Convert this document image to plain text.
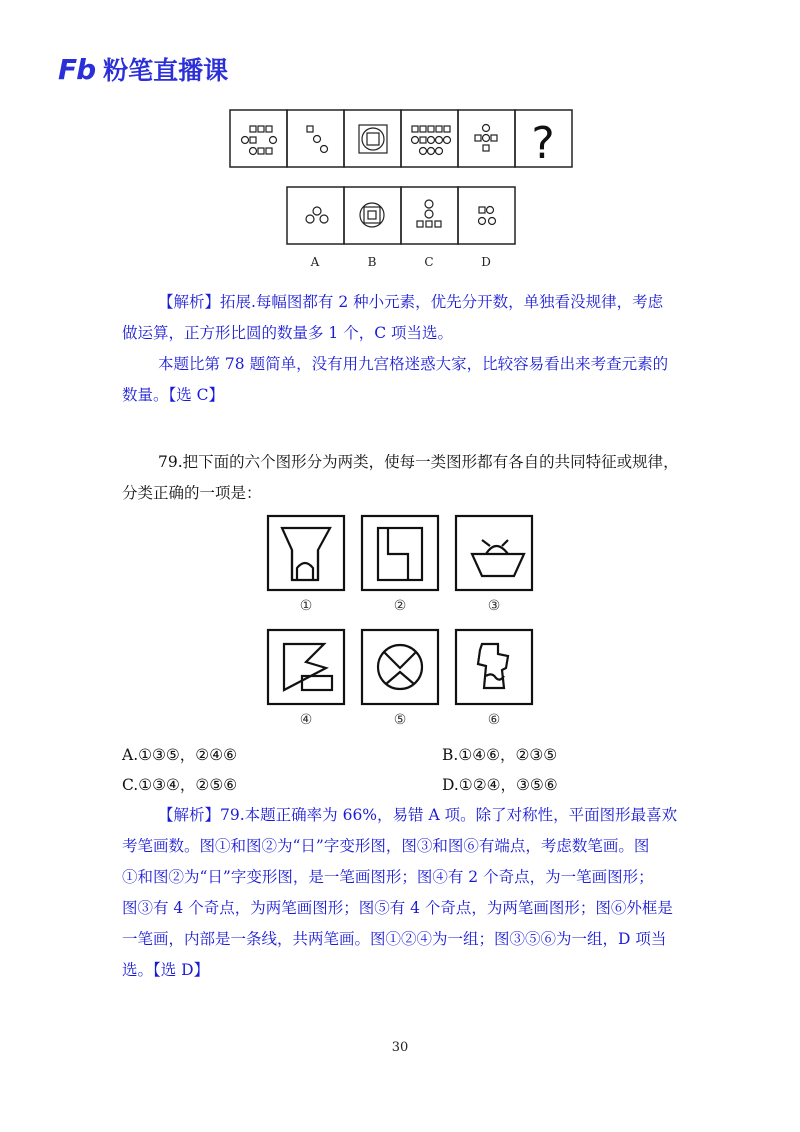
Fb 粉笔直播课
?
A	B	C	D
【解析】拓展.每幅图都有 2 种小元素，优先分开数，单独看没规律，考虑
做运算，正方形比圆的数量多 1 个，C 项当选。
本题比第 78 题简单，没有用九宫格迷惑大家，比较容易看出来考查元素的
数量。【选 C】
79.把下面的六个图形分为两类，使每一类图形都有各自的共同特征或规律，
分类正确的一项是：
①	②	③
④	⑤	⑥
A.①③⑤，②④⑥	B.①④⑥，②③⑤
C.①③④，②⑤⑥	D.①②④，③⑤⑥
【解析】79.本题正确率为 66%，易错 A 项。除了对称性，平面图形最喜欢
考笔画数。图①和图②为“日”字变形图，图③和图⑥有端点，考虑数笔画。图
①和图②为“日”字变形图，是一笔画图形；图④有 2 个奇点，为一笔画图形；
图③有 4 个奇点，为两笔画图形；图⑤有 4 个奇点，为两笔画图形；图⑥外框是
一笔画，内部是一条线，共两笔画。图①②④为一组；图③⑤⑥为一组，D 项当
选。【选 D】
30
